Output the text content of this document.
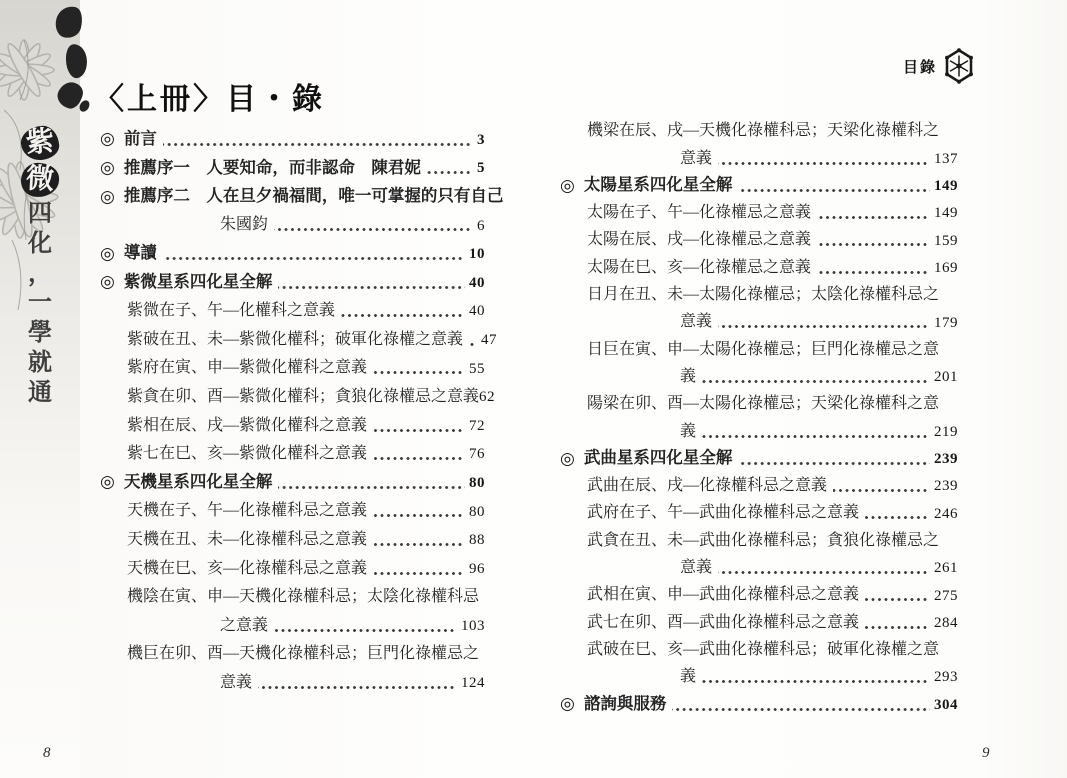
紫
微
四
化
，
一
學
就
通
目錄
〈上冊〉目・錄
◎ 前言	3
◎ 推薦序一　人要知命，而非認命　陳君妮	5
◎ 推薦序二　人在旦夕禍福間，唯一可掌握的只有自己
朱國鈞	6
◎ 導讀	10
◎ 紫微星系四化星全解	40
紫微在子、午—化權科之意義	40
紫破在丑、未—紫微化權科；破軍化祿權之意義 47
紫府在寅、申—紫微化權科之意義	55
紫貪在卯、酉—紫微化權科；貪狼化祿權忌之意義 62
紫相在辰、戌—紫微化權科之意義	72
紫七在巳、亥—紫微化權科之意義	76
◎ 天機星系四化星全解	80
天機在子、午—化祿權科忌之意義	80
天機在丑、未—化祿權科忌之意義	88
天機在巳、亥—化祿權科忌之意義	96
機陰在寅、申—天機化祿權科忌；太陰化祿權科忌
之意義	103
機巨在卯、酉—天機化祿權科忌；巨門化祿權忌之
意義	124
機梁在辰、戌—天機化祿權科忌；天梁化祿權科之
意義	137
◎ 太陽星系四化星全解	149
太陽在子、午—化祿權忌之意義	149
太陽在辰、戌—化祿權忌之意義	159
太陽在巳、亥—化祿權忌之意義	169
日月在丑、未—太陽化祿權忌；太陰化祿權科忌之
意義	179
日巨在寅、申—太陽化祿權忌；巨門化祿權忌之意
義	201
陽梁在卯、酉—太陽化祿權忌；天梁化祿權科之意
義	219
◎ 武曲星系四化星全解	239
武曲在辰、戌—化祿權科忌之意義	239
武府在子、午—武曲化祿權科忌之意義	246
武貪在丑、未—武曲化祿權科忌；貪狼化祿權忌之
意義	261
武相在寅、申—武曲化祿權科忌之意義	275
武七在卯、酉—武曲化祿權科忌之意義	284
武破在巳、亥—武曲化祿權科忌；破軍化祿權之意
義	293
◎ 諮詢與服務	304
8	9
